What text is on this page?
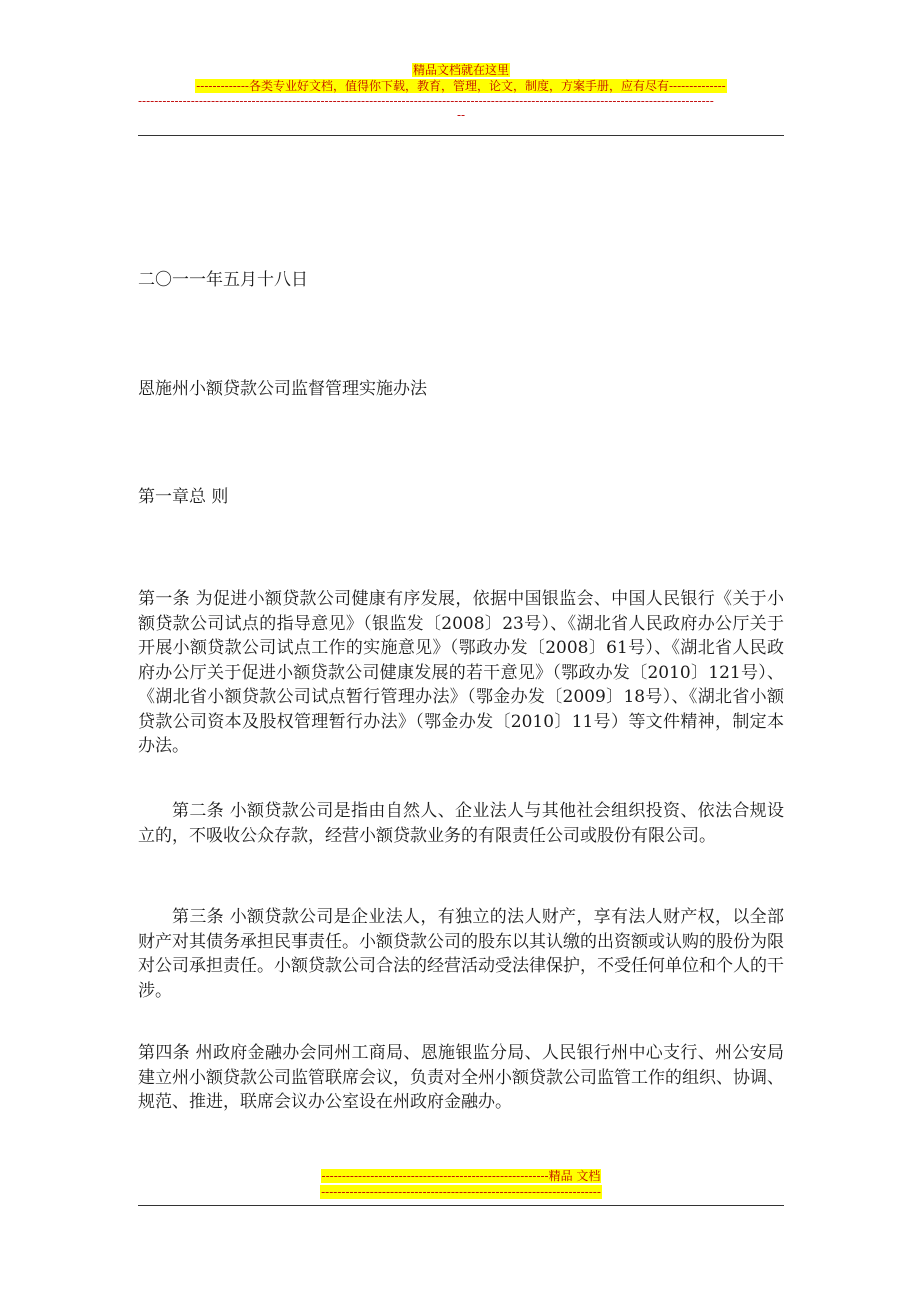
精品文档就在这里
-------------各类专业好文档，值得你下载，教育，管理，论文，制度，方案手册，应有尽有--------------
----------------------------------------------------------------------------------------------------------------------------------------------
--

二〇一一年五月十八日

恩施州小额贷款公司监督管理实施办法

第一章总 则

第一条 为促进小额贷款公司健康有序发展，依据中国银监会、中国人民银行《关于小额贷款公司试点的指导意见》（银监发〔2008〕23号）、《湖北省人民政府办公厅关于开展小额贷款公司试点工作的实施意见》（鄂政办发〔2008〕61号）、《湖北省人民政府办公厅关于促进小额贷款公司健康发展的若干意见》（鄂政办发〔2010〕121号）、《湖北省小额贷款公司试点暂行管理办法》（鄂金办发〔2009〕18号）、《湖北省小额贷款公司资本及股权管理暂行办法》（鄂金办发〔2010〕11号）等文件精神，制定本办法。

第二条 小额贷款公司是指由自然人、企业法人与其他社会组织投资、依法合规设立的，不吸收公众存款，经营小额贷款业务的有限责任公司或股份有限公司。

第三条 小额贷款公司是企业法人，有独立的法人财产，享有法人财产权，以全部财产对其债务承担民事责任。小额贷款公司的股东以其认缴的出资额或认购的股份为限对公司承担责任。小额贷款公司合法的经营活动受法律保护，不受任何单位和个人的干涉。

第四条 州政府金融办会同州工商局、恩施银监分局、人民银行州中心支行、州公安局建立州小额贷款公司监管联席会议，负责对全州小额贷款公司监管工作的组织、协调、规范、推进，联席会议办公室设在州政府金融办。

--------------------------------------------------------精品 文档
---------------------------------------------------------------------
